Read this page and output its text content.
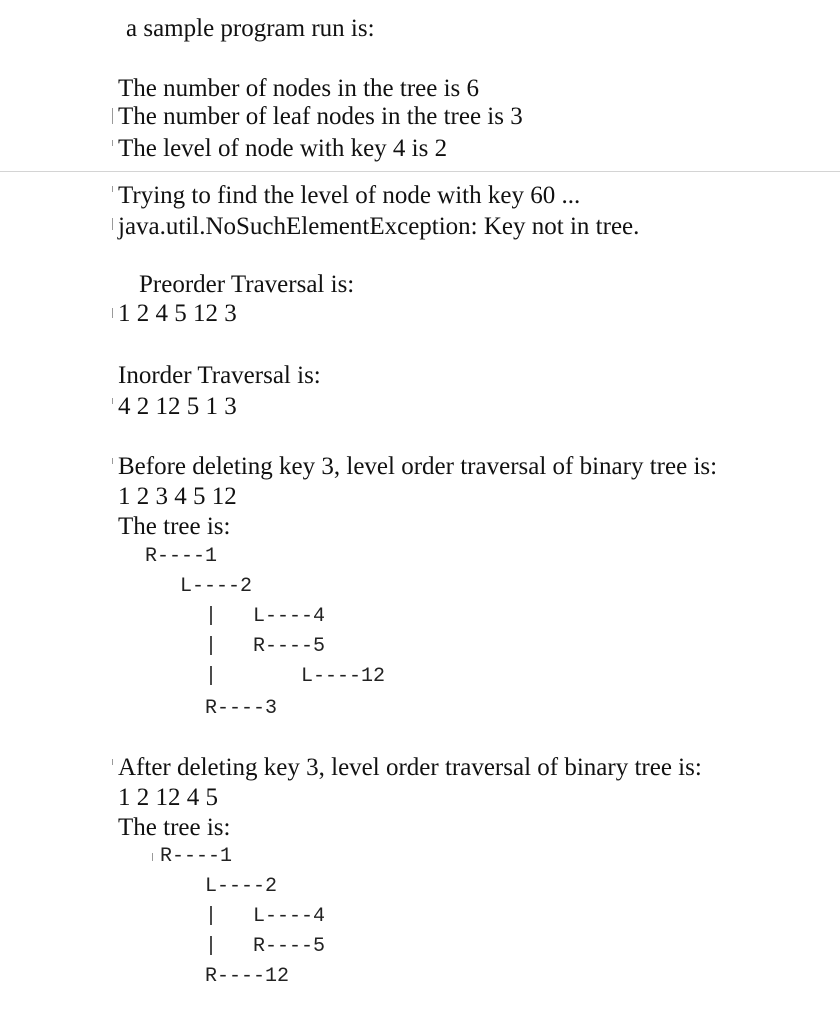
a sample program run is:
The number of nodes in the tree is 6
The number of leaf nodes in the tree is 3
The level of node with key 4 is 2
Trying to find the level of node with key 60 ...
java.util.NoSuchElementException: Key not in tree.
Preorder Traversal is:
1 2 4 5 12 3
Inorder Traversal is:
4 2 12 5 1 3
Before deleting key 3, level order traversal of binary tree is:
1 2 3 4 5 12
The tree is:
R----1
L----2
|   L----4
|   R----5
|	L----12
R----3
After deleting key 3, level order traversal of binary tree is:
1 2 12 4 5
The tree is:
R----1
L----2
|   L----4
|   R----5
R----12
